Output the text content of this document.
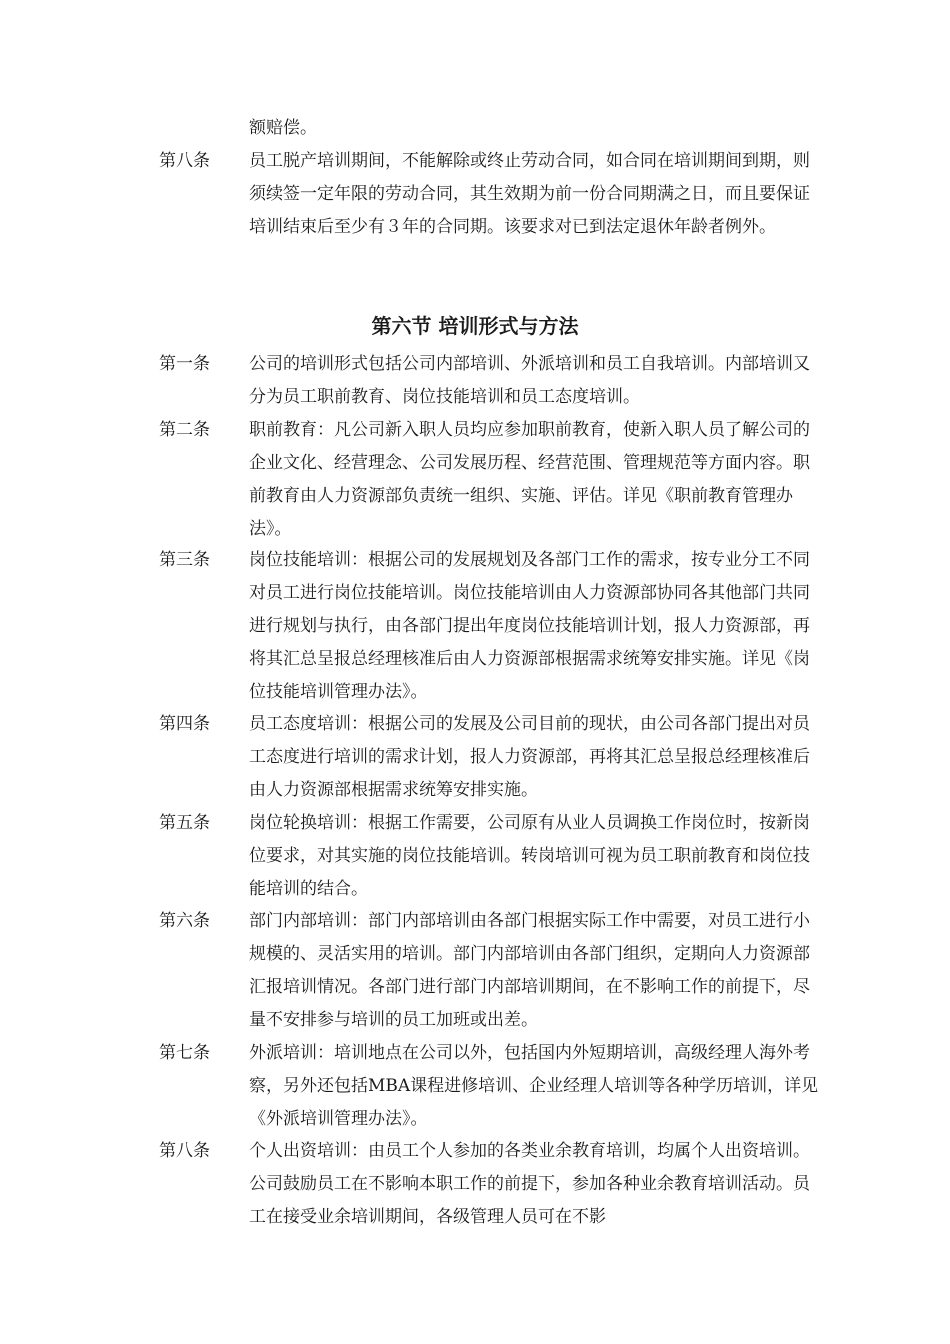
额赔偿。
第八条 员工脱产培训期间，不能解除或终止劳动合同，如合同在培训期间到期，则须续签一定年限的劳动合同，其生效期为前一份合同期满之日，而且要保证培训结束后至少有３年的合同期。该要求对已到法定退休年龄者例外。

第六节 培训形式与方法
第一条 公司的培训形式包括公司内部培训、外派培训和员工自我培训。内部培训又分为员工职前教育、岗位技能培训和员工态度培训。

第二条 职前教育：凡公司新入职人员均应参加职前教育，使新入职人员了解公司的企业文化、经营理念、公司发展历程、经营范围、管理规范等方面内容。职前教育由人力资源部负责统一组织、实施、评估。详见《职前教育管理办法》。

第三条 岗位技能培训：根据公司的发展规划及各部门工作的需求，按专业分工不同对员工进行岗位技能培训。岗位技能培训由人力资源部协同各其他部门共同进行规划与执行，由各部门提出年度岗位技能培训计划，报人力资源部，再将其汇总呈报总经理核准后由人力资源部根据需求统筹安排实施。详见《岗位技能培训管理办法》。

第四条 员工态度培训：根据公司的发展及公司目前的现状，由公司各部门提出对员工态度进行培训的需求计划，报人力资源部，再将其汇总呈报总经理核准后由人力资源部根据需求统筹安排实施。

第五条 岗位轮换培训：根据工作需要，公司原有从业人员调换工作岗位时，按新岗位要求，对其实施的岗位技能培训。转岗培训可视为员工职前教育和岗位技能培训的结合。

第六条 部门内部培训：部门内部培训由各部门根据实际工作中需要，对员工进行小规模的、灵活实用的培训。部门内部培训由各部门组织，定期向人力资源部汇报培训情况。各部门进行部门内部培训期间，在不影响工作的前提下，尽量不安排参与培训的员工加班或出差。

第七条 外派培训：培训地点在公司以外，包括国内外短期培训，高级经理人海外考察，另外还包括MBA课程进修培训、企业经理人培训等各种学历培训，详见《外派培训管理办法》。

第八条 个人出资培训：由员工个人参加的各类业余教育培训，均属个人出资培训。公司鼓励员工在不影响本职工作的前提下，参加各种业余教育培训活动。员工在接受业余培训期间，各级管理人员可在不影
